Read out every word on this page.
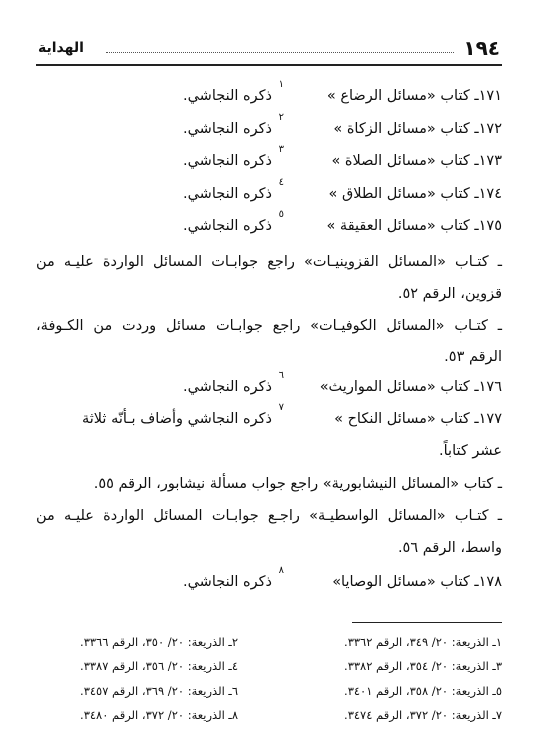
١٩٤
الهداية
١٧١ـ كتاب «مسائل الرضاع »
١
ذكره النجاشي.
١٧٢ـ كتاب «مسائل الزكاة »
٢
ذكره النجاشي.
١٧٣ـ كتاب «مسائل الصلاة »
٣
ذكره النجاشي.
١٧٤ـ كتاب «مسائل الطلاق »
٤
ذكره النجاشي.
١٧٥ـ كتاب «مسائل العقيقة »
٥
ذكره النجاشي.
ـ كتـاب «المسائل القزوينيـات» راجع جوابـات المسائل الواردة عليـه من
قزوين، الرقم ٥٢.
ـ كتـاب «المسائل الكوفيـات» راجع جوابـات مسائل وردت من الكـوفة،
الرقم ٥٣.
١٧٦ـ كتاب «مسائل المواريث»
٦
ذكره النجاشي.
١٧٧ـ كتاب «مسائل النكاح »
٧
ذكره النجاشي وأضاف بـأنّه ثلاثة
عشر كتاباً.
ـ كتاب «المسائل النيشابورية» راجع جواب مسألة نيشابور، الرقم ٥٥.
ـ كتـاب «المسائل الواسطيـة» راجـع جوابـات المسائل الواردة عليـه من
واسط، الرقم ٥٦.
١٧٨ـ كتاب «مسائل الوصايا»
٨
ذكره النجاشي.
١ـ الذريعة: ٢٠/ ٣٤٩، الرقم ٣٣٦٢.
٢ـ الذريعة: ٢٠/ ٣٥٠، الرقم ٣٣٦٦.
٣ـ الذريعة: ٢٠/ ٣٥٤، الرقم ٣٣٨٢.
٤ـ الذريعة: ٢٠/ ٣٥٦، الرقم ٣٣٨٧.
٥ـ الذريعة: ٢٠/ ٣٥٨، الرقم ٣٤٠١.
٦ـ الذريعة: ٢٠/ ٣٦٩، الرقم ٣٤٥٧.
٧ـ الذريعة: ٢٠/ ٣٧٢، الرقم ٣٤٧٤.
٨ـ الذريعة: ٢٠/ ٣٧٢، الرقم ٣٤٨٠.
